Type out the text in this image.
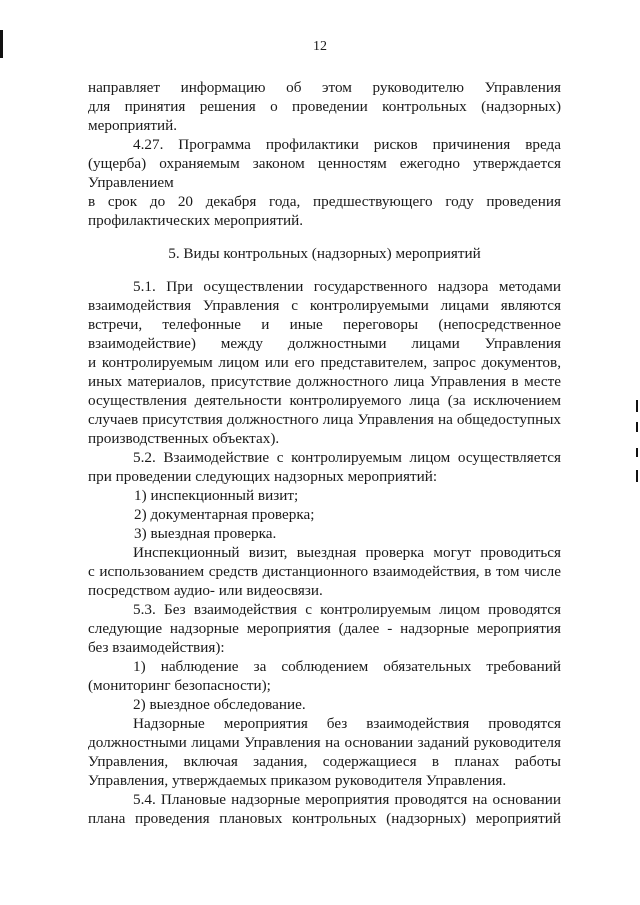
12

направляет информацию об этом руководителю Управления
для принятия решения о проведении контрольных (надзорных)
мероприятий.

4.27. Программа профилактики рисков причинения вреда
(ущерба) охраняемым законом ценностям ежегодно утверждается
Управлением

в срок до 20 декабря года, предшествующего году проведения
профилактических мероприятий.

5. Виды контрольных (надзорных) мероприятий

5.1. При осуществлении государственного надзора методами
взаимодействия Управления с контролируемыми лицами являются
встречи, телефонные и иные переговоры (непосредственное
взаимодействие) между должностными лицами Управления
и контролируемым лицом или его представителем, запрос документов,
иных материалов, присутствие должностного лица Управления в месте
осуществления деятельности контролируемого лица (за исключением
случаев присутствия должностного лица Управления на общедоступных
производственных объектах).

5.2. Взаимодействие с контролируемым лицом осуществляется
при проведении следующих надзорных мероприятий:

1) инспекционный визит;
2) документарная проверка;
3) выездная проверка.

Инспекционный визит, выездная проверка могут проводиться
с использованием средств дистанционного взаимодействия, в том числе
посредством аудио- или видеосвязи.

5.3. Без взаимодействия с контролируемым лицом проводятся
следующие надзорные мероприятия (далее - надзорные мероприятия
без взаимодействия):

1) наблюдение за соблюдением обязательных требований
(мониторинг безопасности);

2) выездное обследование.

Надзорные мероприятия без взаимодействия проводятся
должностными лицами Управления на основании заданий руководителя
Управления, включая задания, содержащиеся в планах работы
Управления, утверждаемых приказом руководителя Управления.

5.4. Плановые надзорные мероприятия проводятся на основании
плана проведения плановых контрольных (надзорных) мероприятий
